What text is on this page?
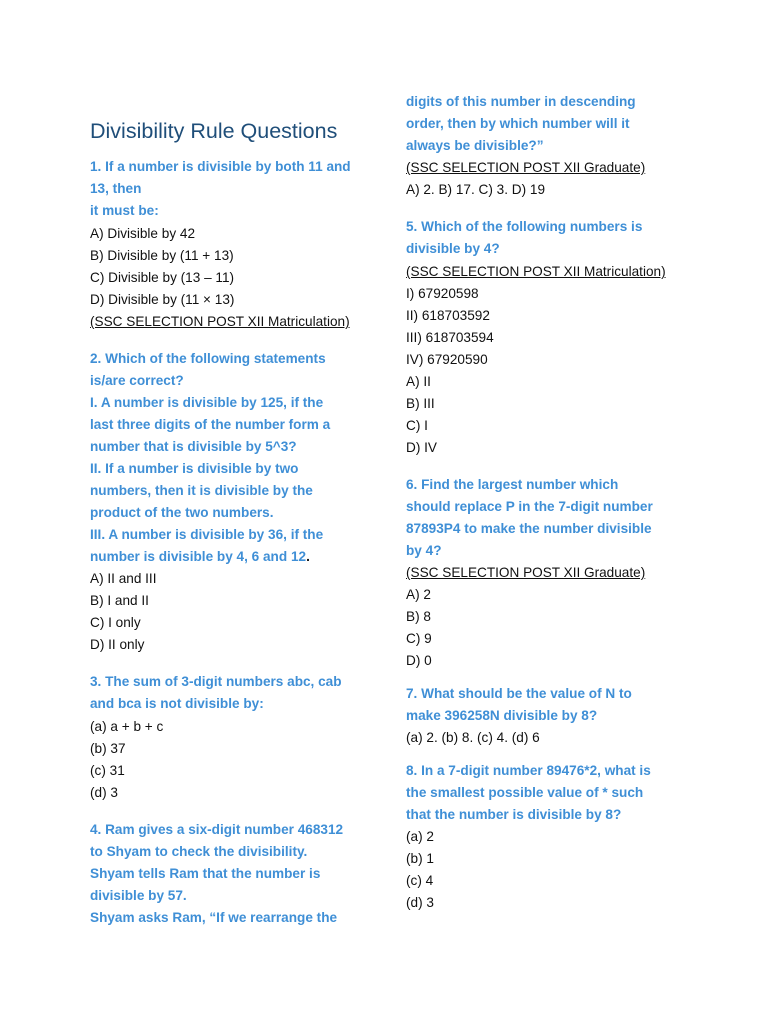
Divisibility Rule Questions
1. If a number is divisible by both 11 and
13, then
it must be:
A) Divisible by 42
B) Divisible by (11 + 13)
C) Divisible by (13 – 11)
D) Divisible by (11 × 13)
(SSC SELECTION POST XII Matriculation)
2. Which of the following statements
is/are correct?
I. A number is divisible by 125, if the
last three digits of the number form a
number that is divisible by 5^3?
II. If a number is divisible by two
numbers, then it is divisible by the
product of the two numbers.
III. A number is divisible by 36, if the
number is divisible by 4, 6 and 12.
A) II and III
B) I and II
C) I only
D) II only
3. The sum of 3-digit numbers abc, cab
and bca is not divisible by:
(a) a + b + c
(b) 37
(c) 31
(d) 3
4. Ram gives a six-digit number 468312
to Shyam to check the divisibility.
Shyam tells Ram that the number is
divisible by 57.
Shyam asks Ram, “If we rearrange the
digits of this number in descending
order, then by which number will it
always be divisible?”
(SSC SELECTION POST XII Graduate)
A) 2. B) 17. C) 3. D) 19
5. Which of the following numbers is
divisible by 4?
(SSC SELECTION POST XII Matriculation)
I) 67920598
II) 618703592
III) 618703594
IV) 67920590
A) II
B) III
C) I
D) IV
6. Find the largest number which
should replace P in the 7-digit number
87893P4 to make the number divisible
by 4?
(SSC SELECTION POST XII Graduate)
A) 2
B) 8
C) 9
D) 0
7. What should be the value of N to
make 396258N divisible by 8?
(a) 2. (b) 8. (c) 4. (d) 6
8. In a 7-digit number 89476*2, what is
the smallest possible value of * such
that the number is divisible by 8?
(a) 2
(b) 1
(c) 4
(d) 3
